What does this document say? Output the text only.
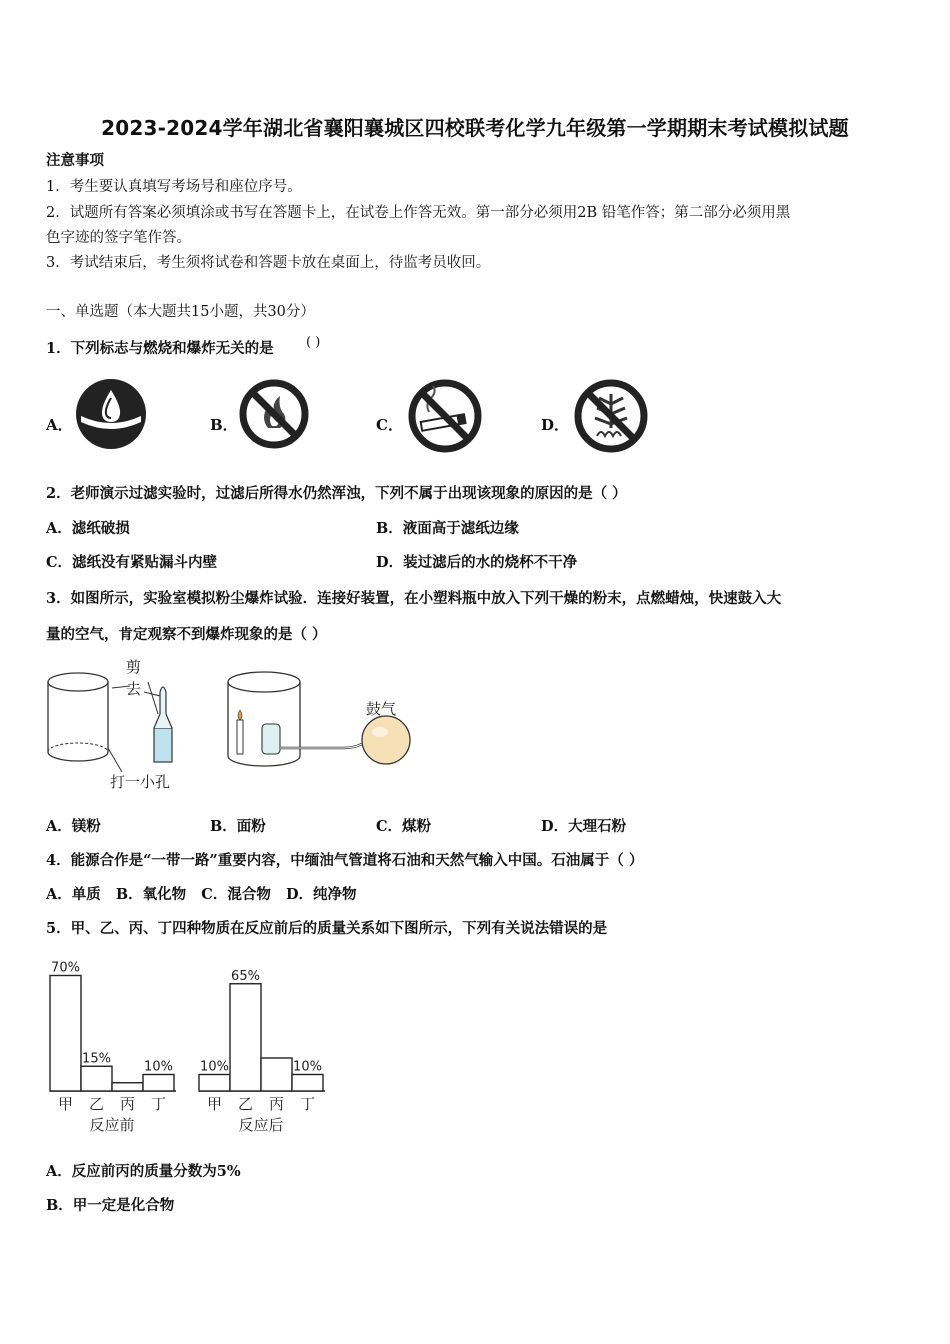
2023-2024学年湖北省襄阳襄城区四校联考化学九年级第一学期期末考试模拟试题
注意事项
1．考生要认真填写考场号和座位序号。
2．试题所有答案必须填涂或书写在答题卡上，在试卷上作答无效。第一部分必须用2B 铅笔作答；第二部分必须用黑
色字迹的签字笔作答。
3．考试结束后，考生须将试卷和答题卡放在桌面上，待监考员收回。
一、单选题（本大题共15小题，共30分）
1．下列标志与燃烧和爆炸无关的是 ( )
A．	B．	C．	D．
2．老师演示过滤实验时，过滤后所得水仍然浑浊，下列不属于出现该现象的原因的是（ ）
A．滤纸破损	B．液面高于滤纸边缘
C．滤纸没有紧贴漏斗内壁	D．装过滤后的水的烧杯不干净
3．如图所示，实验室模拟粉尘爆炸试验．连接好装置，在小塑料瓶中放入下列干燥的粉末，点燃蜡烛，快速鼓入大
量的空气，肯定观察不到爆炸现象的是（ ）
剪
去
打一小孔
鼓气
A．镁粉	B．面粉	C．煤粉	D．大理石粉
4．能源合作是“一带一路”重要内容，中缅油气管道将石油和天然气输入中国。石油属于（ ）
A．单质   B．氧化物   C．混合物   D．纯净物
5．甲、乙、丙、丁四种物质在反应前后的质量关系如下图所示，下列有关说法错误的是
70%
甲
15%
乙 丙
10%
丁
反应前
10%
甲
65%
乙 丙
10%
丁
反应后
A．反应前丙的质量分数为5%
B．甲一定是化合物
